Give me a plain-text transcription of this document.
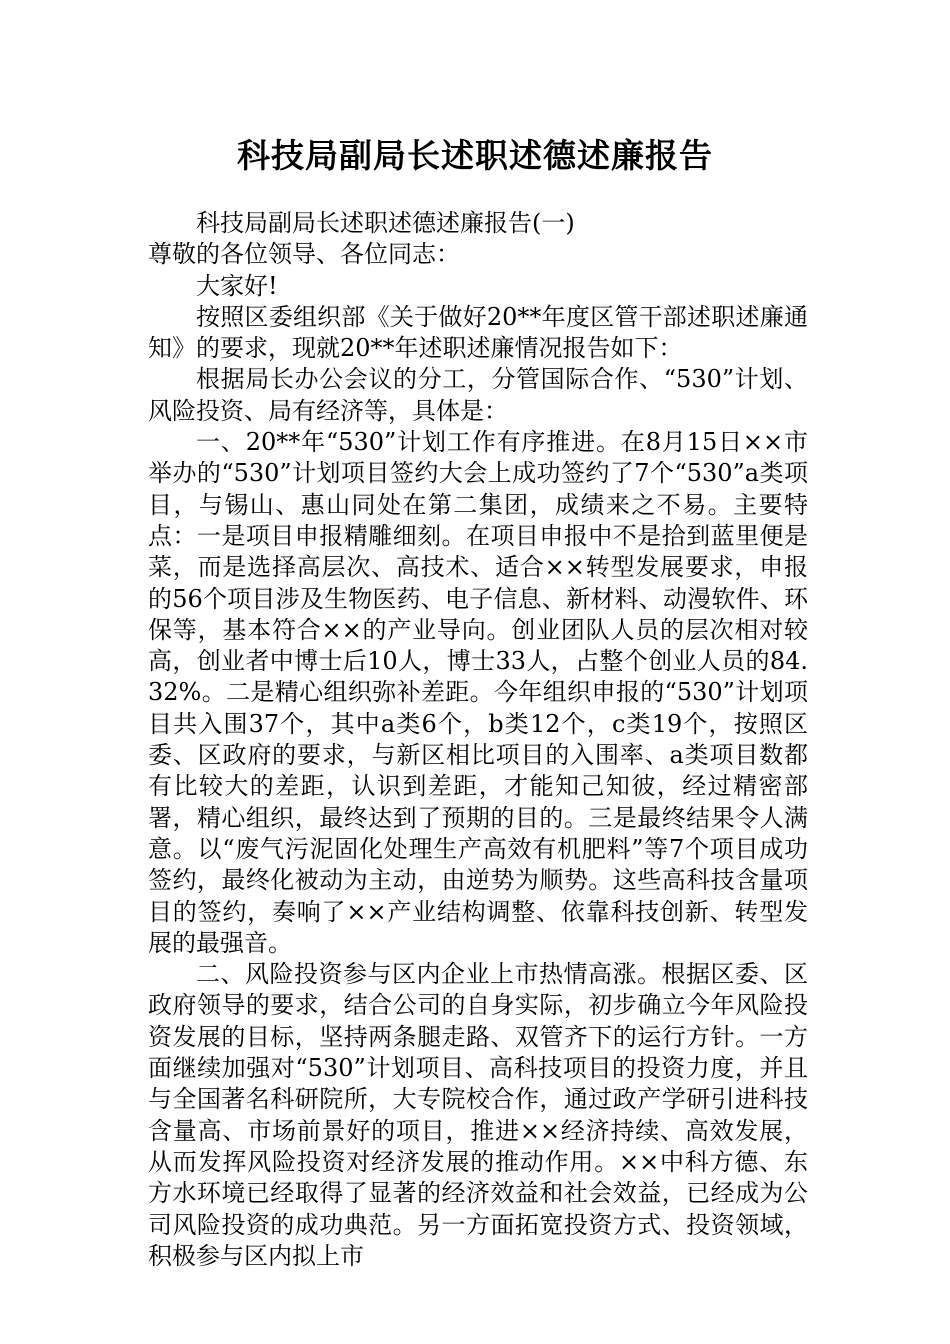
科技局副局长述职述德述廉报告

科技局副局长述职述德述廉报告(一)

尊敬的各位领导、各位同志：

大家好!

按照区委组织部《关于做好20**年度区管干部述职述廉通知》的要求，现就20**年述职述廉情况报告如下：

根据局长办公会议的分工，分管国际合作、“530”计划、风险投资、局有经济等，具体是：

一、20**年“530”计划工作有序推进。在8月15日××市举办的“530”计划项目签约大会上成功签约了7个“530”a类项目，与锡山、惠山同处在第二集团，成绩来之不易。主要特点：一是项目申报精雕细刻。在项目申报中不是拾到蓝里便是菜，而是选择高层次、高技术、适合××转型发展要求，申报的56个项目涉及生物医药、电子信息、新材料、动漫软件、环保等，基本符合××的产业导向。创业团队人员的层次相对较高，创业者中博士后10人，博士33人，占整个创业人员的84.32%。二是精心组织弥补差距。今年组织申报的“530”计划项目共入围37个，其中a类6个，b类12个，c类19个，按照区委、区政府的要求，与新区相比项目的入围率、a类项目数都有比较大的差距，认识到差距，才能知己知彼，经过精密部署，精心组织，最终达到了预期的目的。三是最终结果令人满意。以“废气污泥固化处理生产高效有机肥料”等7个项目成功签约，最终化被动为主动，由逆势为顺势。这些高科技含量项目的签约，奏响了××产业结构调整、依靠科技创新、转型发展的最强音。

二、风险投资参与区内企业上市热情高涨。根据区委、区政府领导的要求，结合公司的自身实际，初步确立今年风险投资发展的目标，坚持两条腿走路、双管齐下的运行方针。一方面继续加强对“530”计划项目、高科技项目的投资力度，并且与全国著名科研院所，大专院校合作，通过政产学研引进科技含量高、市场前景好的项目，推进××经济持续、高效发展，从而发挥风险投资对经济发展的推动作用。××中科方德、东方水环境已经取得了显著的经济效益和社会效益，已经成为公司风险投资的成功典范。另一方面拓宽投资方式、投资领域，积极参与区内拟上市
